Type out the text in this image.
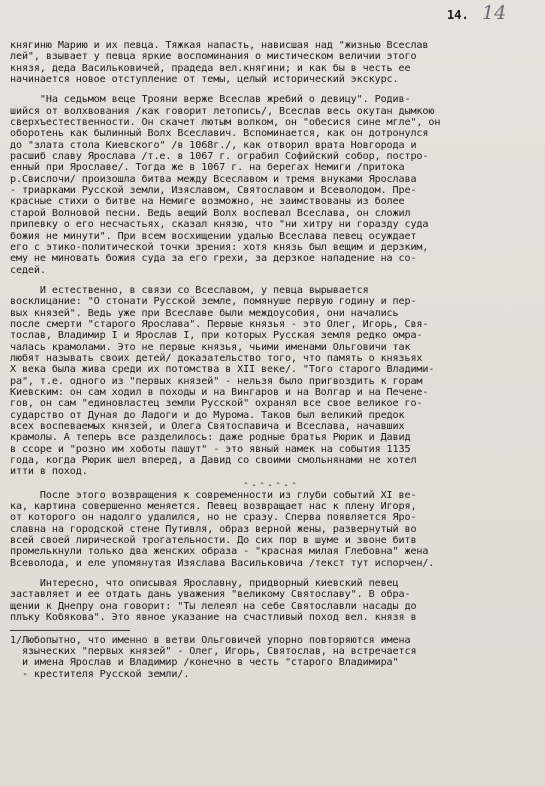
14. 14
княгиню Марию и их певца. Тяжкая напасть, нависшая над "жизнью Всеслав
лей", взывает у певца яркие воспоминания о мистическом величии этого
князя, деда Васильковичей, прадеда вел.княгини; и как бы в честь ее
начинается новое отступление от темы, целый исторический экскурс.
"На седьмом веце Трояни верже Всеслав жребий о девицу". Родив-
шийся от волхвования /как говорит летопись/, Всеслав весь окутан дымкою
сверхъестественности. Он скачет лютым волком, он "обесися сине мгле", он
оборотень как былинный Волх Всеславич. Вспоминается, как он дотронулся
до "злата стола Киевского" /в 1068г./, как отворил врата Новгорода и
расшиб славу Ярослава /т.е. в 1067 г. ограбил Софийский собор, постро-
енный при Ярославе/. Тогда же в 1067 г. на берегах Немиги /притока
р.Свислочи/ произошла битва между Всеславом и тремя внуками Ярослава
- триарками Русской земли, Изяславом, Святославом и Всеволодом. Пре-
красные стихи о битве на Немиге возможно, не заимствованы из более
старой Волновой песни. Ведь вещий Волх воспевал Всеслава, он сложил
припевку о его несчастьях, сказал князю, что "ни хитру ни горазду суда
божия не минути". При всем восхищении удалью Всеслава певец осуждает
его с этико-политической точки зрения: хотя князь был вещим и дерзким,
ему не миновать божия суда за его грехи, за дерзкое нападение на со-
седей.
И естественно, в связи со Всеславом, у певца вырывается
восклицание: "О стонати Русской земле, помянуше первую годину и пер-
вых князей". Ведь уже при Всеславе были междоусобия, они начались
после смерти "старого Ярослава". Первые князья - это Олег, Игорь, Свя-
тослав, Владимир I и Ярослав I, при которых Русская земля редко омра-
чалась крамолами. Это не первые князья, чьими именами Ольговичи так
любят называть своих детей/ доказательство того, что память о князьях
X века была жива среди их потомства в XII веке/. "Того старого Владими-
ра", т.е. одного из "первых князей" - нельзя было пригвоздить к горам
Киевским: он сам ходил в походы и на Вингаров и на Волгар и на Печене-
гов, он сам "единовластец земли Русской" охранял все свое великое го-
сударство от Дуная до Ладоги и до Мурома. Таков был великий предок
всех воспеваемых князей, и Олега Святославича и Всеслава, начавших
крамолы. А теперь все разделилось: даже родные братья Рюрик и Давид
в ссоре и "розно им хоботы пашут" - это явный намек на события 1135
года, когда Рюрик шел вперед, а Давид со своими смольнянами не хотел
итти в поход.
-.-.-.-
После этого возвращения к современности из глуби событий XI ве-
ка, картина совершенно меняется. Певец возвращает нас к плену Игоря,
от которого он надолго удалился, но не сразу. Сперва появляется Яро-
славна на городской стене Путивля, образ верной жены, развернутый во
всей своей лирической трогательности. До сих пор в шуме и звоне битв
промелькнули только два женских образа - "красная милая Глебовна" жена
Всеволода, и еле упомянутая Изяслава Васильковича /текст тут испорчен/.
Интересно, что описывая Ярославну, придворный киевский певец
заставляет и ее отдать дань уважения "великому Святославу". В обра-
щении к Днепру она говорит: "Ты лелеял на себе Святославли насады до
плъку Кобякова". Это явное указание на счастливый поход вел. князя в
1/Любопытно, что именно в ветви Ольговичей упорно повторяются имена
языческих "первых князей" - Олег, Игорь, Святослав, на встречается
и имена Ярослав и Владимир /конечно в честь "старого Владимира"
- крестителя Русской земли/.
